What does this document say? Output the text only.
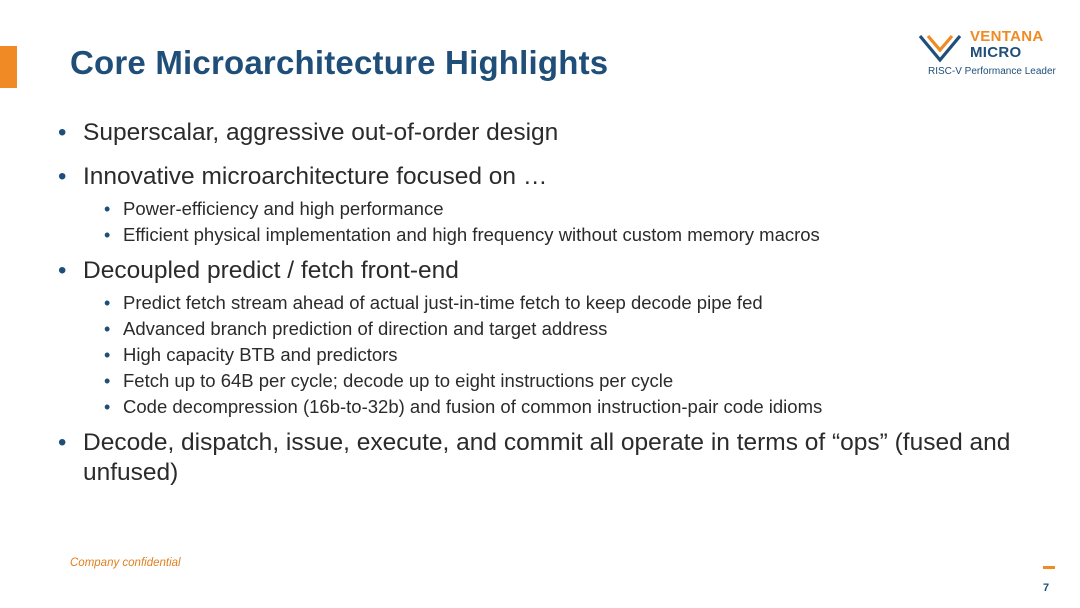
Core Microarchitecture Highlights
VENTANA
MICRO
RISC-V Performance Leader
• Superscalar, aggressive out-of-order design
• Innovative microarchitecture focused on …
• Power-efficiency and high performance
• Efficient physical implementation and high frequency without custom memory macros
• Decoupled predict / fetch front-end
• Predict fetch stream ahead of actual just-in-time fetch to keep decode pipe fed
• Advanced branch prediction of direction and target address
• High capacity BTB and predictors
• Fetch up to 64B per cycle; decode up to eight instructions per cycle
• Code decompression (16b-to-32b) and fusion of common instruction-pair code idioms
• Decode, dispatch, issue, execute, and commit all operate in terms of “ops” (fused and unfused)
Company confidential
7
